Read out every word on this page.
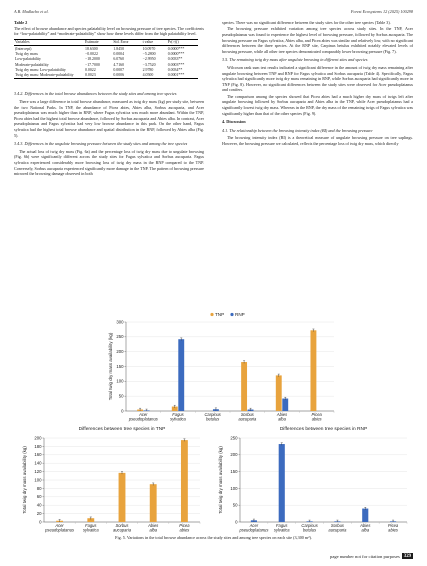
A.B. Madlacho et al.	Forest Ecosystems 12 (2025) 100298
Table 2
The effect of browse abundance and species palatability level on browsing pressure of tree species. The coefficients for “low-palatability” and “moderate-palatability” show how these levels differ from the high palatability level.
Variables	Estimate	Std. Error	t value	Pr(>|t|)
(Intercept)	18.6300	1.8450	10.0970	0.0000***
Twig dry mass	−0.0022	0.0004	−5.2800	0.0000***
Low-palatability	−18.2000	6.0760	−2.9950	0.0033**
Moderate-palatability	−17.7000	4.7160	−3.7520	0.0003***
Twig dry mass: Low-palatability	0.0022	0.0007	2.9780	0.0034**
Twig dry mass: Moderate-palatability	0.0023	0.0006	4.0500	0.0001***
3.4.2. Differences in the total browse abundances between the study sites and among tree species

There was a large difference in total browse abundance, measured as twig dry mass (kg) per study site, between the two National Parks. In TNP, the abundance of Picea abies, Abies alba, Sorbus aucuparia, and Acer pseudoplatanus was much higher than in RNP, where Fagus sylvatica was much more abundant. Within the TNP, Picea abies had the highest total browse abundance, followed by Sorbus aucuparia and Abies alba. In contrast, Acer pseudoplatanus and Fagus sylvatica had very low browse abundance in this park. On the other hand, Fagus sylvatica had the highest total browse abundance and spatial distribution in the RNP, followed by Abies alba (Fig. 5).

3.4.3. Differences in the ungulate browsing pressure between the study sites and among the tree species

The actual loss of twig dry mass (Fig. 6a) and the percentage loss of twig dry mass due to ungulate browsing (Fig. 6b) were significantly different across the study sites for Fagus sylvatica and Sorbus aucuparia. Fagus sylvatica experienced considerably more browsing loss of twig dry mass in the RNP compared to the TNP. Conversely, Sorbus aucuparia experienced significantly more damage in the TNP. The pattern of browsing pressure mirrored the browsing damage observed in both

species. There was no significant difference between the study sites for the other tree species (Table 3).

The browsing pressure exhibited variation among tree species across study sites. In the TNP, Acer pseudoplatanus was found to experience the highest level of browsing pressure, followed by Sorbus aucuparia. The browsing pressure on Fagus sylvatica, Abies alba, and Picea abies was similar and relatively low, with no significant differences between the three species. At the RNP site, Carpinus betulus exhibited notably elevated levels of browsing pressure, while all other tree species demonstrated comparably lower browsing pressure (Fig. 7).

3.5. The remaining twig dry mass after ungulate browsing in different sites and species

Wilcoxon rank sum test results indicated a significant difference in the amount of twig dry mass remaining after ungulate browsing between TNP and RNP for Fagus sylvatica and Sorbus aucuparia (Table 4). Specifically, Fagus sylvatica had significantly more twig dry mass remaining in RNP, while Sorbus aucuparia had significantly more in TNP (Fig. 8). However, no significant differences between the study sites were observed for Acer pseudoplatanus and conifers.

The comparison among the species showed that Picea abies had a much higher dry mass of twigs left after ungulate browsing followed by Sorbus aucuparia and Abies alba in the TNP, while Acer pseudoplatanus had a significantly lowest twig dry mass. Whereas in the RNP, the dry mass of the remaining twigs of Fagus sylvatica was significantly higher than that of the other species (Fig. 9).

4. Discussion
4.1. The relationship between the browsing intensity index (BI) and the browsing pressure

The browsing intensity index (BI) is a theoretical measure of ungulate browsing pressure on tree saplings. However, the browsing pressure we calculated, reflects the percentage loss of twig dry mass, which directly

TNP RNP
0
50
100
150
200
250
300
Total twig dry mass availability (kg)
Acer
pseudoplatanus
Fagus
sylvatica
Carpinus
betulus
Sorbus
aucuparia
Abies
alba
Picea
abies
Differences between tree species in TNP
0
20
40
60
80
100
120
140
160
180
200
Total twig dry mass availability (kg)
Acer
pseudoplatanus
Fagus
sylvatica
Sorbus
aucuparia
Abies
alba
Picea
abies
Differences between tree species in RNP
0
50
100
150
200
250
Total twig dry mass availability (kg)
Acer
pseudoplatanus
Fagus
sylvatica
Carpinus
betulus
Sorbus
aucuparia
Abies
alba
Picea
abies
Fig. 5. Variations in the total browse abundance across the study sites and among tree species on each site (3,300 m²).
page number not for citation purposes 329
